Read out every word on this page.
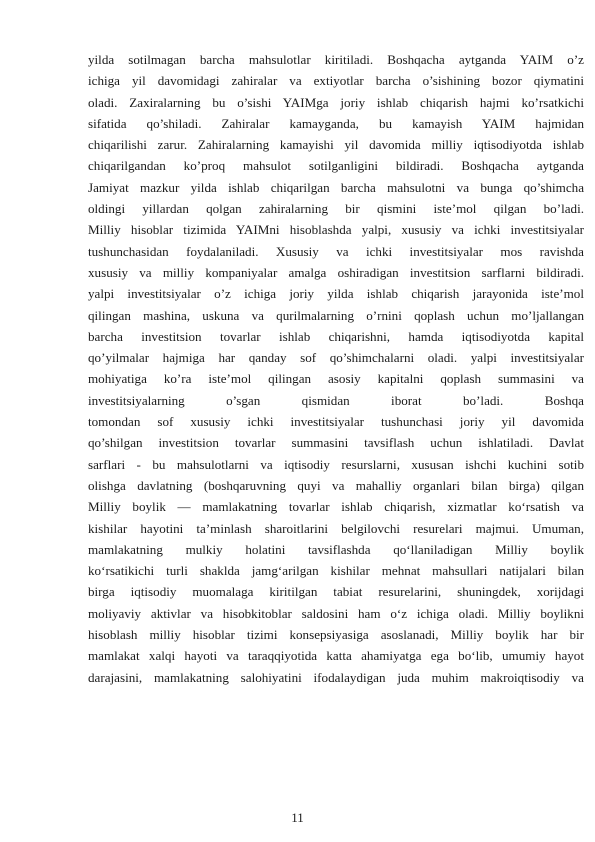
yilda sotilmagan barcha mahsulotlar kiritiladi. Boshqacha aytganda YAIM o’z
ichiga yil davomidagi zahiralar va extiyotlar barcha o’sishining bozor qiymatini
oladi. Zaxiralarning bu o’sishi YAIMga joriy ishlab chiqarish hajmi ko’rsatkichi
sifatida qo’shiladi. Zahiralar kamayganda, bu kamayish YAIM hajmidan
chiqarilishi zarur. Zahiralarning kamayishi yil davomida milliy iqtisodiyotda ishlab
chiqarilgandan ko’proq mahsulot sotilganligini bildiradi. Boshqacha aytganda
Jamiyat mazkur yilda ishlab chiqarilgan barcha mahsulotni va bunga qo’shimcha
oldingi yillardan qolgan zahiralarning bir qismini iste’mol qilgan bo’ladi.
Milliy hisoblar tizimida YAIMni hisoblashda yalpi, xususiy va ichki investitsiyalar
tushunchasidan foydalaniladi. Xususiy va ichki investitsiyalar mos ravishda
xususiy va milliy kompaniyalar amalga oshiradigan investitsion sarflarni bildiradi.
yalpi investitsiyalar o’z ichiga joriy yilda ishlab chiqarish jarayonida iste’mol
qilingan mashina, uskuna va qurilmalarning o’rnini qoplash uchun mo’ljallangan
barcha investitsion tovarlar ishlab chiqarishni, hamda iqtisodiyotda kapital
qo’yilmalar hajmiga har qanday sof qo’shimchalarni oladi. yalpi investitsiyalar
mohiyatiga ko’ra iste’mol qilingan asosiy kapitalni qoplash summasini va
investitsiyalarning o’sgan qismidan iborat bo’ladi. Boshqa
tomondan sof xususiy ichki investitsiyalar tushunchasi joriy yil davomida
qo’shilgan investitsion tovarlar summasini tavsiflash uchun ishlatiladi. Davlat
sarflari - bu mahsulotlarni va iqtisodiy resurslarni, xususan ishchi kuchini sotib
olishga davlatning (boshqaruvning quyi va mahalliy organlari bilan birga) qilgan
Milliy boylik — mamlakatning tovarlar ishlab chiqarish, xizmatlar ko‘rsatish va
kishilar hayotini ta’minlash sharoitlarini belgilovchi resurelari majmui. Umuman,
mamlakatning mulkiy holatini tavsiflashda qo‘llaniladigan Milliy boylik
ko‘rsatikichi turli shaklda jamg‘arilgan kishilar mehnat mahsullari natijalari bilan
birga iqtisodiy muomalaga kiritilgan tabiat resurelarini, shuningdek, xorijdagi
moliyaviy aktivlar va hisobkitoblar saldosini ham o‘z ichiga oladi. Milliy boylikni
hisoblash milliy hisoblar tizimi konsepsiyasiga asoslanadi, Milliy boylik har bir
mamlakat xalqi hayoti va taraqqiyotida katta ahamiyatga ega bo‘lib, umumiy hayot
darajasini, mamlakatning salohiyatini ifodalaydigan juda muhim makroiqtisodiy va
11
